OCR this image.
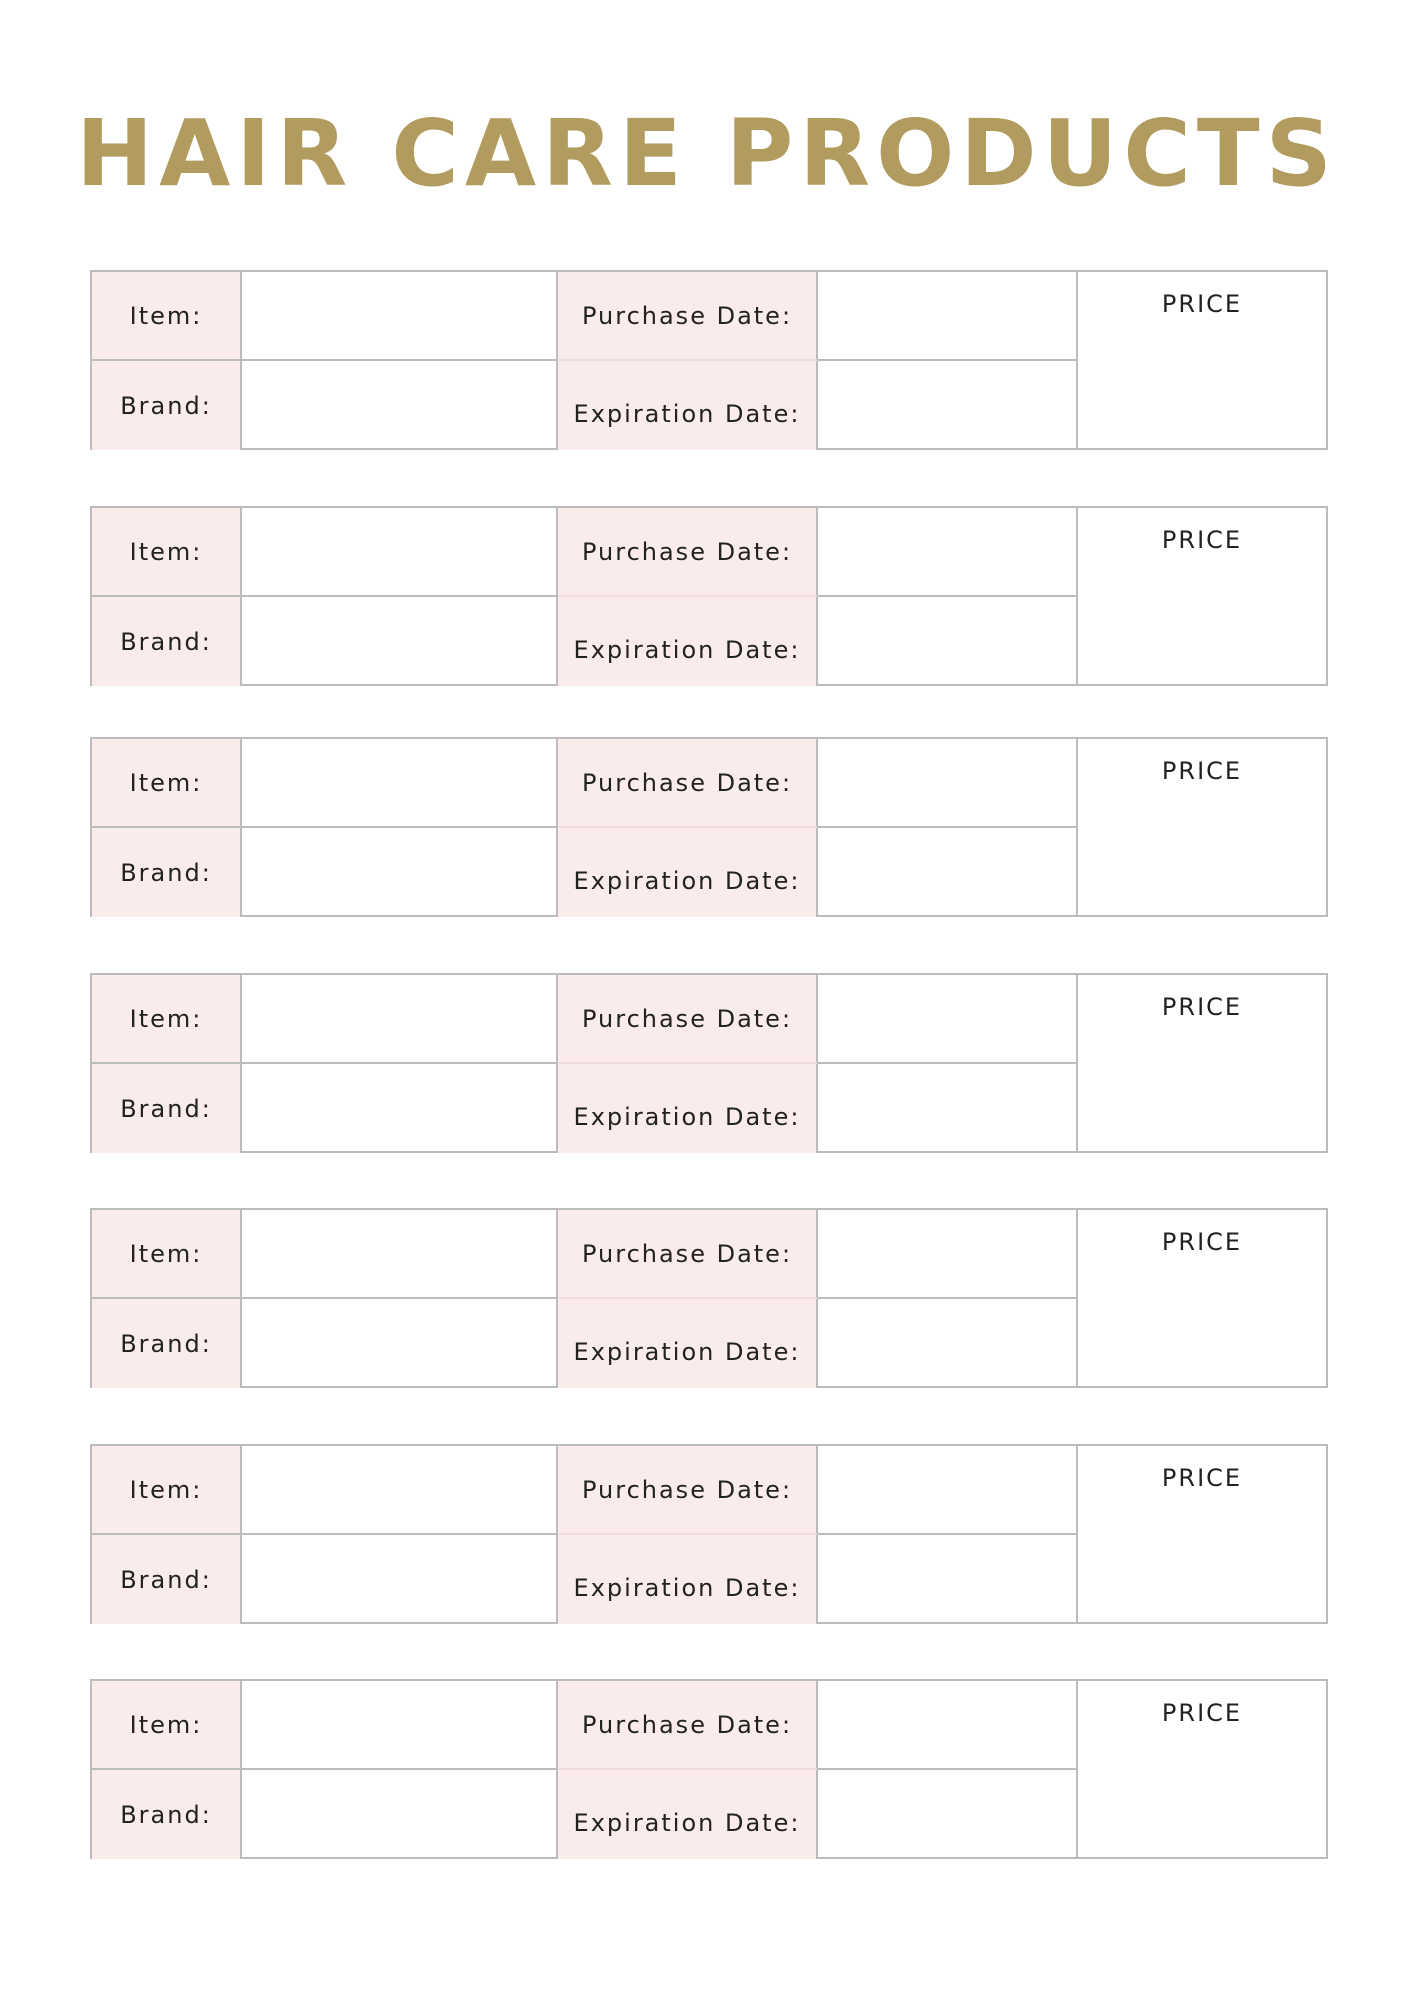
HAIR CARE PRODUCTS
Item:
Brand:
Purchase Date:
Expiration Date:
PRICE
Item:
Brand:
Purchase Date:
Expiration Date:
PRICE
Item:
Brand:
Purchase Date:
Expiration Date:
PRICE
Item:
Brand:
Purchase Date:
Expiration Date:
PRICE
Item:
Brand:
Purchase Date:
Expiration Date:
PRICE
Item:
Brand:
Purchase Date:
Expiration Date:
PRICE
Item:
Brand:
Purchase Date:
Expiration Date:
PRICE
